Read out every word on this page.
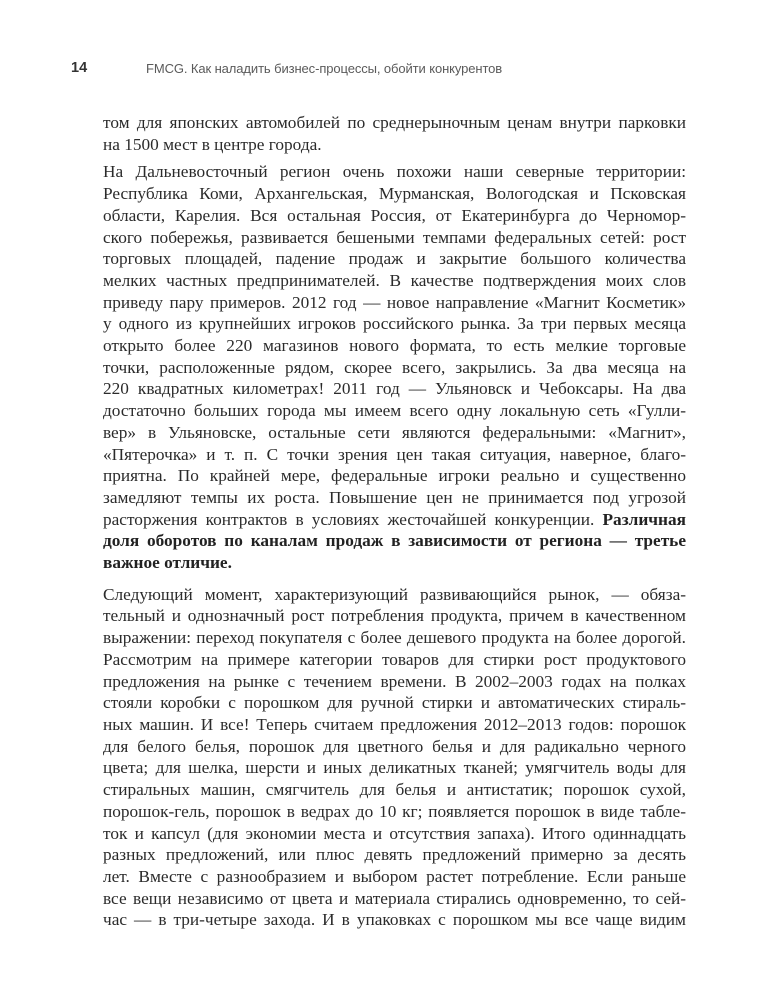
14	FMCG. Как наладить бизнес-процессы, обойти конкурентов

том для японских автомобилей по среднерыночным ценам внутри парковки
на 1500 мест в центре города.

На Дальневосточный регион очень похожи наши северные территории:
Республика Коми, Архангельская, Мурманская, Вологодская и Псковская
области, Карелия. Вся остальная Россия, от Екатеринбурга до Черномор-
ского побережья, развивается бешеными темпами федеральных сетей: рост
торговых площадей, падение продаж и закрытие большого количества
мелких частных предпринимателей. В качестве подтверждения моих слов
приведу пару примеров. 2012 год — новое направление «Магнит Косметик»
у одного из крупнейших игроков российского рынка. За три первых месяца
открыто более 220 магазинов нового формата, то есть мелкие торговые
точки, расположенные рядом, скорее всего, закрылись. За два месяца на
220 квадратных километрах! 2011 год — Ульяновск и Чебоксары. На два
достаточно больших города мы имеем всего одну локальную сеть «Гулли-
вер» в Ульяновске, остальные сети являются федеральными: «Магнит»,
«Пятерочка» и т. п. С точки зрения цен такая ситуация, наверное, благо-
приятна. По крайней мере, федеральные игроки реально и существенно
замедляют темпы их роста. Повышение цен не принимается под угрозой
расторжения контрактов в условиях жесточайшей конкуренции. Различная
доля оборотов по каналам продаж в зависимости от региона — третье
важное отличие.

Следующий момент, характеризующий развивающийся рынок, — обяза-
тельный и однозначный рост потребления продукта, причем в качественном
выражении: переход покупателя с более дешевого продукта на более дорогой.
Рассмотрим на примере категории товаров для стирки рост продуктового
предложения на рынке с течением времени. В 2002–2003 годах на полках
стояли коробки с порошком для ручной стирки и автоматических стираль-
ных машин. И все! Теперь считаем предложения 2012–2013 годов: порошок
для белого белья, порошок для цветного белья и для радикально черного
цвета; для шелка, шерсти и иных деликатных тканей; умягчитель воды для
стиральных машин, смягчитель для белья и антистатик; порошок сухой,
порошок-гель, порошок в ведрах до 10 кг; появляется порошок в виде табле-
ток и капсул (для экономии места и отсутствия запаха). Итого одиннадцать
разных предложений, или плюс девять предложений примерно за десять
лет. Вместе с разнообразием и выбором растет потребление. Если раньше
все вещи независимо от цвета и материала стирались одновременно, то сей-
час — в три-четыре захода. И в упаковках с порошком мы все чаще видим
